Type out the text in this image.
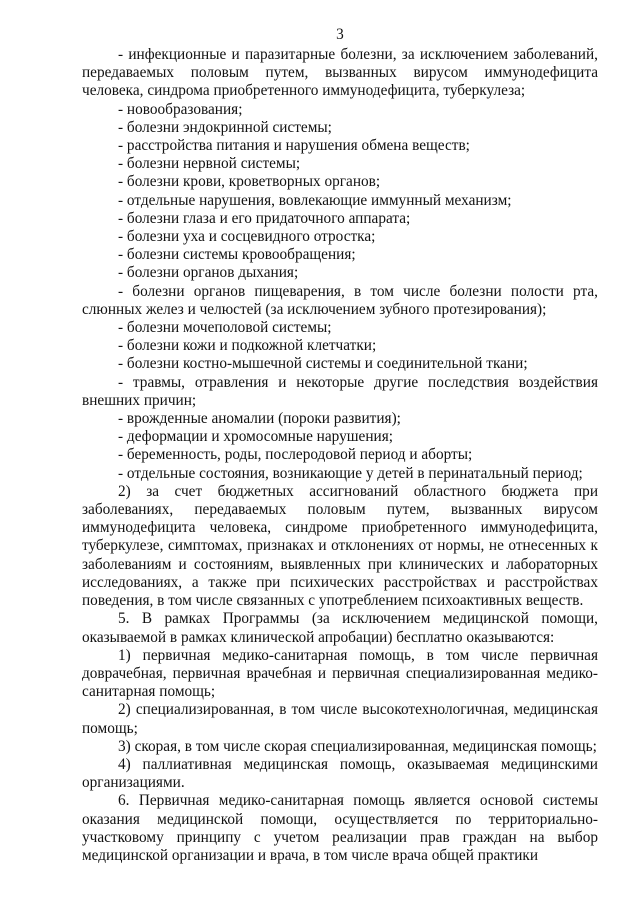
3

- инфекционные и паразитарные болезни, за исключением заболеваний, передаваемых половым путем, вызванных вирусом иммунодефицита человека, синдрома приобретенного иммунодефицита, туберкулеза;

- новообразования;

- болезни эндокринной системы;

- расстройства питания и нарушения обмена веществ;

- болезни нервной системы;

- болезни крови, кроветворных органов;

- отдельные нарушения, вовлекающие иммунный механизм;

- болезни глаза и его придаточного аппарата;

- болезни уха и сосцевидного отростка;

- болезни системы кровообращения;

- болезни органов дыхания;

- болезни органов пищеварения, в том числе болезни полости рта, слюнных желез и челюстей (за исключением зубного протезирования);

- болезни мочеполовой системы;

- болезни кожи и подкожной клетчатки;

- болезни костно-мышечной системы и соединительной ткани;

- травмы, отравления и некоторые другие последствия воздействия внешних причин;

- врожденные аномалии (пороки развития);

- деформации и хромосомные нарушения;

- беременность, роды, послеродовой период и аборты;

- отдельные состояния, возникающие у детей в перинатальный период;

2) за счет бюджетных ассигнований областного бюджета при заболеваниях, передаваемых половым путем, вызванных вирусом иммунодефицита человека, синдроме приобретенного иммунодефицита, туберкулезе, симптомах, признаках и отклонениях от нормы, не отнесенных к заболеваниям и состояниям, выявленных при клинических и лабораторных исследованиях, а также при психических расстройствах и расстройствах поведения, в том числе связанных с употреблением психоактивных веществ.

5. В рамках Программы (за исключением медицинской помощи, оказываемой в рамках клинической апробации) бесплатно оказываются:

1) первичная медико-санитарная помощь, в том числе первичная доврачебная, первичная врачебная и первичная специализированная медико-санитарная помощь;

2) специализированная, в том числе высокотехнологичная, медицинская помощь;

3) скорая, в том числе скорая специализированная, медицинская помощь;

4) паллиативная медицинская помощь, оказываемая медицинскими организациями.

6. Первичная медико-санитарная помощь является основой системы оказания медицинской помощи, осуществляется по территориально-участковому принципу с учетом реализации прав граждан на выбор медицинской организации и врача, в том числе врача общей практики
